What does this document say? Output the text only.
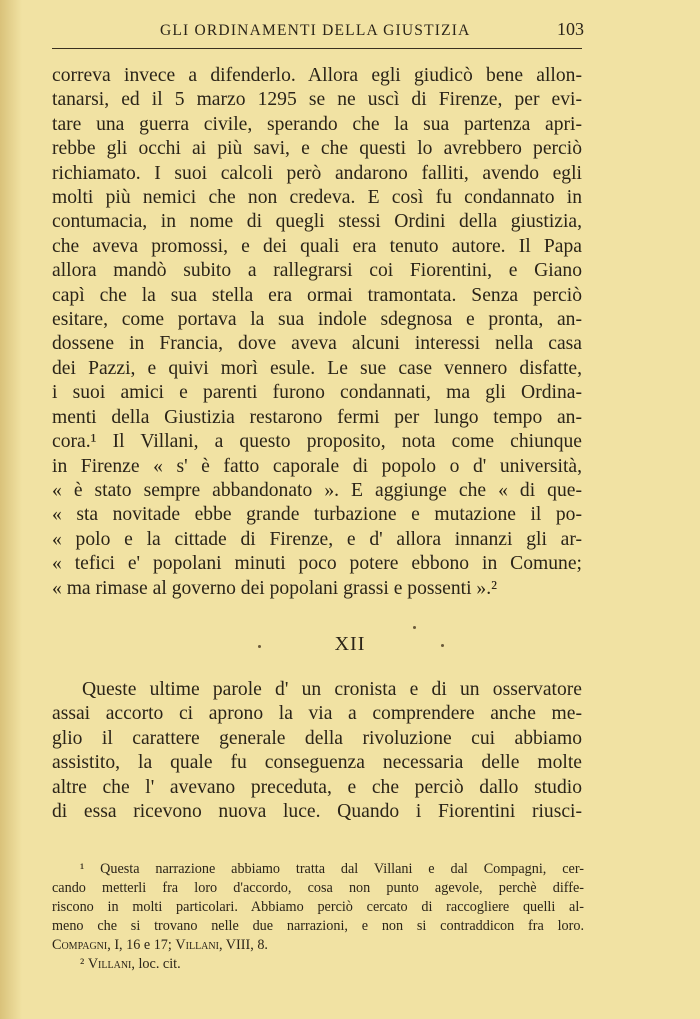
GLI ORDINAMENTI DELLA GIUSTIZIA	103
correva invece a difenderlo. Allora egli giudicò bene allon-
tanarsi, ed il 5 marzo 1295 se ne uscì di Firenze, per evi-
tare una guerra civile, sperando che la sua partenza apri-
rebbe gli occhi ai più savi, e che questi lo avrebbero perciò
richiamato. I suoi calcoli però andarono falliti, avendo egli
molti più nemici che non credeva. E così fu condannato in
contumacia, in nome di quegli stessi Ordini della giustizia,
che aveva promossi, e dei quali era tenuto autore. Il Papa
allora mandò subito a rallegrarsi coi Fiorentini, e Giano
capì che la sua stella era ormai tramontata. Senza perciò
esitare, come portava la sua indole sdegnosa e pronta, an-
dossene in Francia, dove aveva alcuni interessi nella casa
dei Pazzi, e quivi morì esule. Le sue case vennero disfatte,
i suoi amici e parenti furono condannati, ma gli Ordina-
menti della Giustizia restarono fermi per lungo tempo an-
cora.¹ Il Villani, a questo proposito, nota come chiunque
in Firenze « s' è fatto caporale di popolo o d' università,
« è stato sempre abbandonato ». E aggiunge che « di que-
« sta novitade ebbe grande turbazione e mutazione il po-
« polo e la cittade di Firenze, e d' allora innanzi gli ar-
« tefici e' popolani minuti poco potere ebbono in Comune;
« ma rimase al governo dei popolani grassi e possenti ».²
XII
Queste ultime parole d' un cronista e di un osservatore
assai accorto ci aprono la via a comprendere anche me-
glio il carattere generale della rivoluzione cui abbiamo
assistito, la quale fu conseguenza necessaria delle molte
altre che l' avevano preceduta, e che perciò dallo studio
di essa ricevono nuova luce. Quando i Fiorentini riusci-
¹ Questa narrazione abbiamo tratta dal Villani e dal Compagni, cer-
cando metterli fra loro d'accordo, cosa non punto agevole, perchè diffe-
riscono in molti particolari. Abbiamo perciò cercato di raccogliere quelli al-
meno che si trovano nelle due narrazioni, e non si contraddicon fra loro.
Compagni, I, 16 e 17; Villani, VIII, 8.
² Villani, loc. cit.
